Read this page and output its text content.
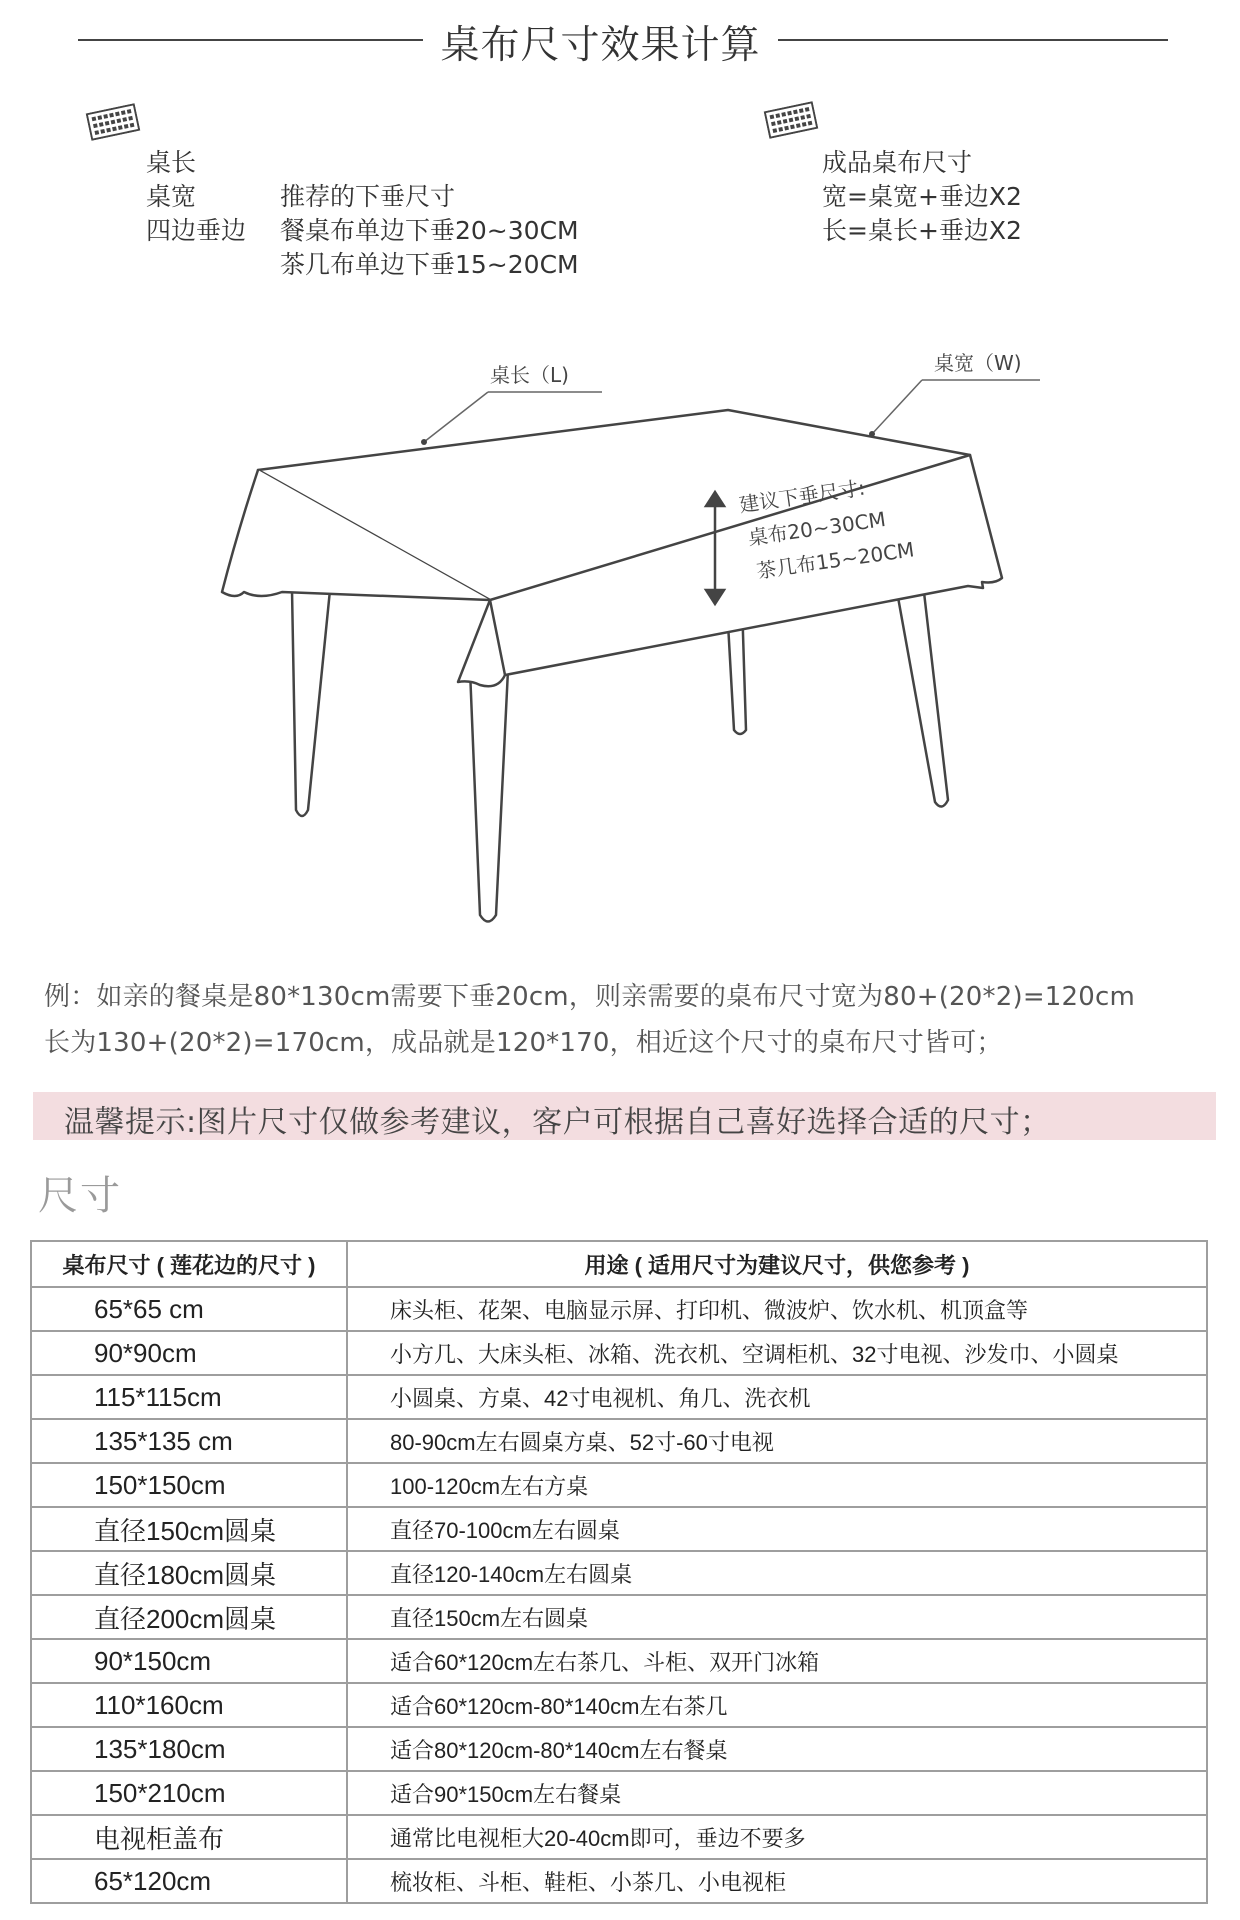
桌布尺寸效果计算
桌长
桌宽
四边垂边
推荐的下垂尺寸
餐桌布单边下垂20~30CM
茶几布单边下垂15~20CM
成品桌布尺寸
宽=桌宽+垂边X2
长=桌长+垂边X2
桌长（L)	桌宽（W)
建议下垂尺寸:
桌布20~30CM
茶几布15~20CM
例：如亲的餐桌是80*130cm需要下垂20cm，则亲需要的桌布尺寸宽为80+(20*2)=120cm
长为130+(20*2)=170cm，成品就是120*170，相近这个尺寸的桌布尺寸皆可；
温馨提示:图片尺寸仅做参考建议，客户可根据自己喜好选择合适的尺寸；
尺寸
桌布尺寸 ( 莲花边的尺寸 )	用途 ( 适用尺寸为建议尺寸，供您参考 )
65*65 cm	床头柜、花架、电脑显示屏、打印机、微波炉、饮水机、机顶盒等
90*90cm	小方几、大床头柜、冰箱、洗衣机、空调柜机、32寸电视、沙发巾、小圆桌
115*115cm	小圆桌、方桌、42寸电视机、角几、洗衣机
135*135 cm	80-90cm左右圆桌方桌、52寸-60寸电视
150*150cm	100-120cm左右方桌
直径150cm圆桌	直径70-100cm左右圆桌
直径180cm圆桌	直径120-140cm左右圆桌
直径200cm圆桌	直径150cm左右圆桌
90*150cm	适合60*120cm左右茶几、斗柜、双开门冰箱
110*160cm	适合60*120cm-80*140cm左右茶几
135*180cm	适合80*120cm-80*140cm左右餐桌
150*210cm	适合90*150cm左右餐桌
电视柜盖布	通常比电视柜大20-40cm即可，垂边不要多
65*120cm	梳妆柜、斗柜、鞋柜、小茶几、小电视柜
